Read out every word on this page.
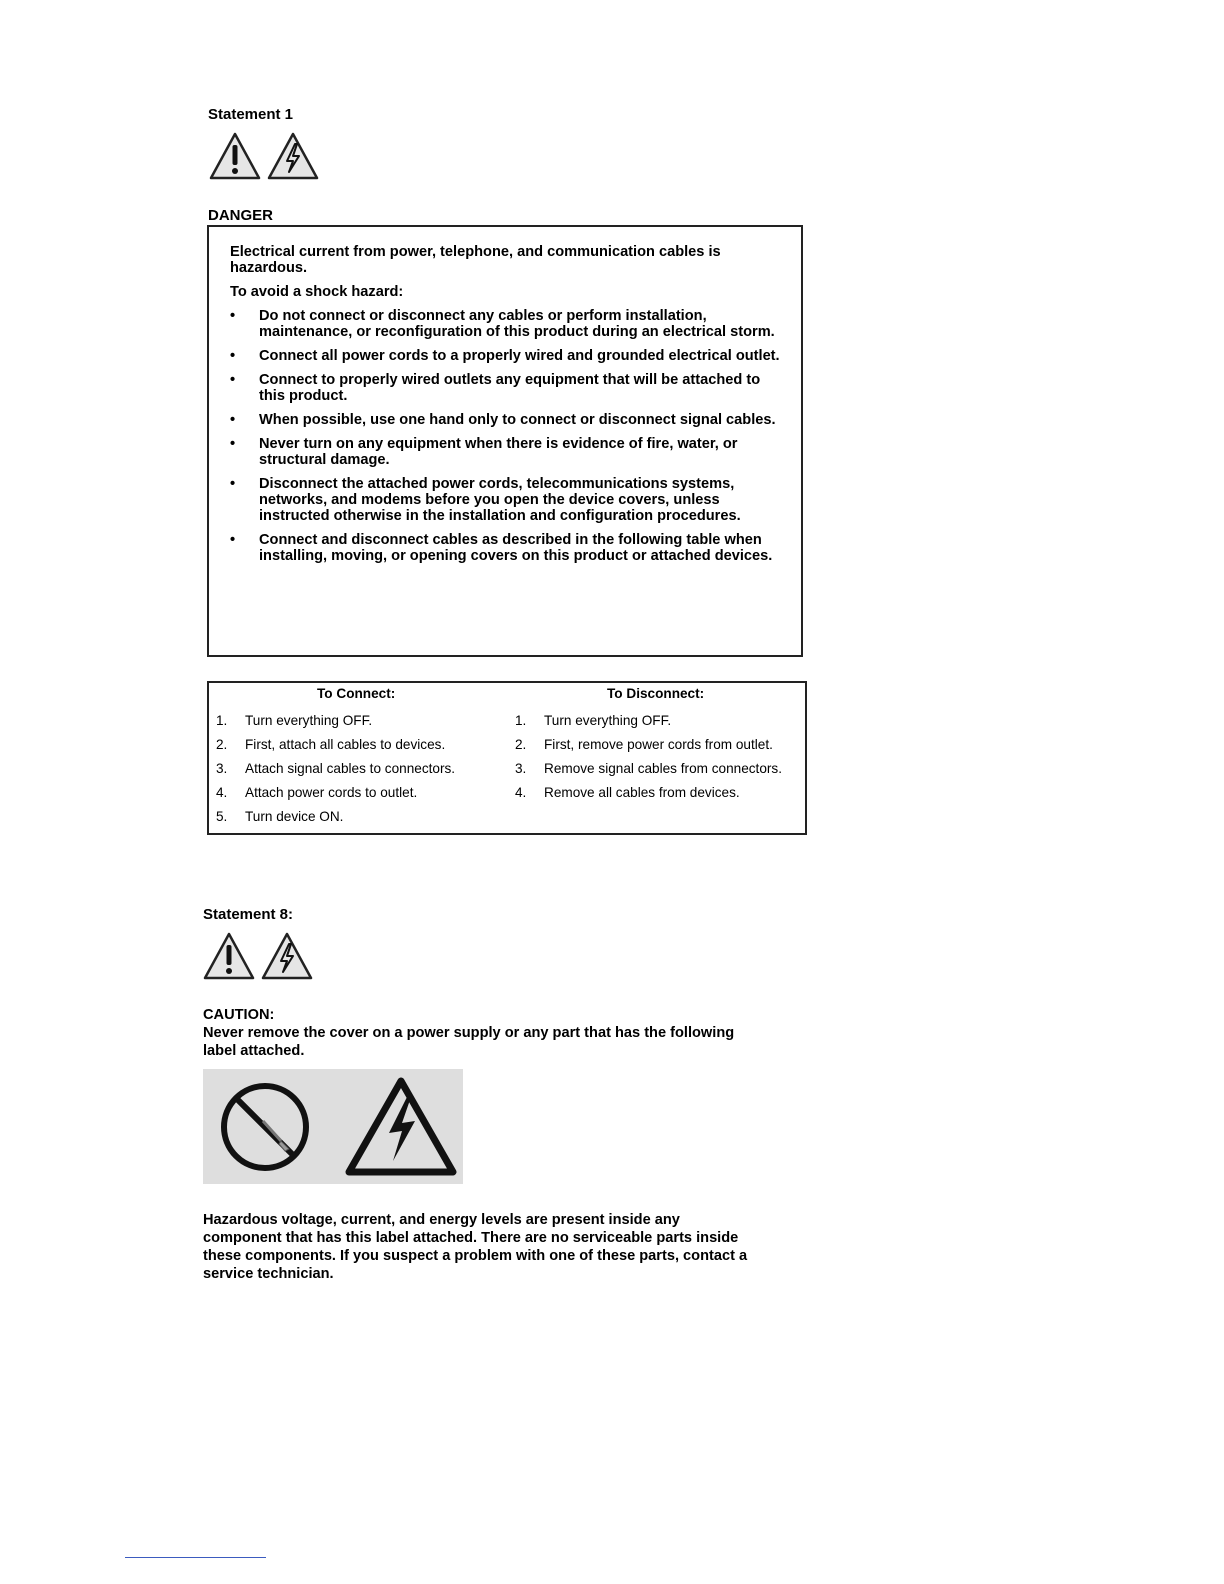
Statement 1

DANGER

Electrical current from power, telephone, and communication cables is hazardous.

To avoid a shock hazard:

• Do not connect or disconnect any cables or perform installation, maintenance, or reconfiguration of this product during an electrical storm.
• Connect all power cords to a properly wired and grounded electrical outlet.
• Connect to properly wired outlets any equipment that will be attached to this product.
• When possible, use one hand only to connect or disconnect signal cables.
• Never turn on any equipment when there is evidence of fire, water, or structural damage.
• Disconnect the attached power cords, telecommunications systems, networks, and modems before you open the device covers, unless instructed otherwise in the installation and configuration procedures.
• Connect and disconnect cables as described in the following table when installing, moving, or opening covers on this product or attached devices.
To Connect:
1. Turn everything OFF.
2. First, attach all cables to devices.
3. Attach signal cables to connectors.
4. Attach power cords to outlet.
5. Turn device ON.
To Disconnect:
1. Turn everything OFF.
2. First, remove power cords from outlet.
3. Remove signal cables from connectors.
4. Remove all cables from devices.
Statement 8:

CAUTION:
Never remove the cover on a power supply or any part that has the following
label attached.
Hazardous voltage, current, and energy levels are present inside any
component that has this label attached. There are no serviceable parts inside
these components. If you suspect a problem with one of these parts, contact a
service technician.
